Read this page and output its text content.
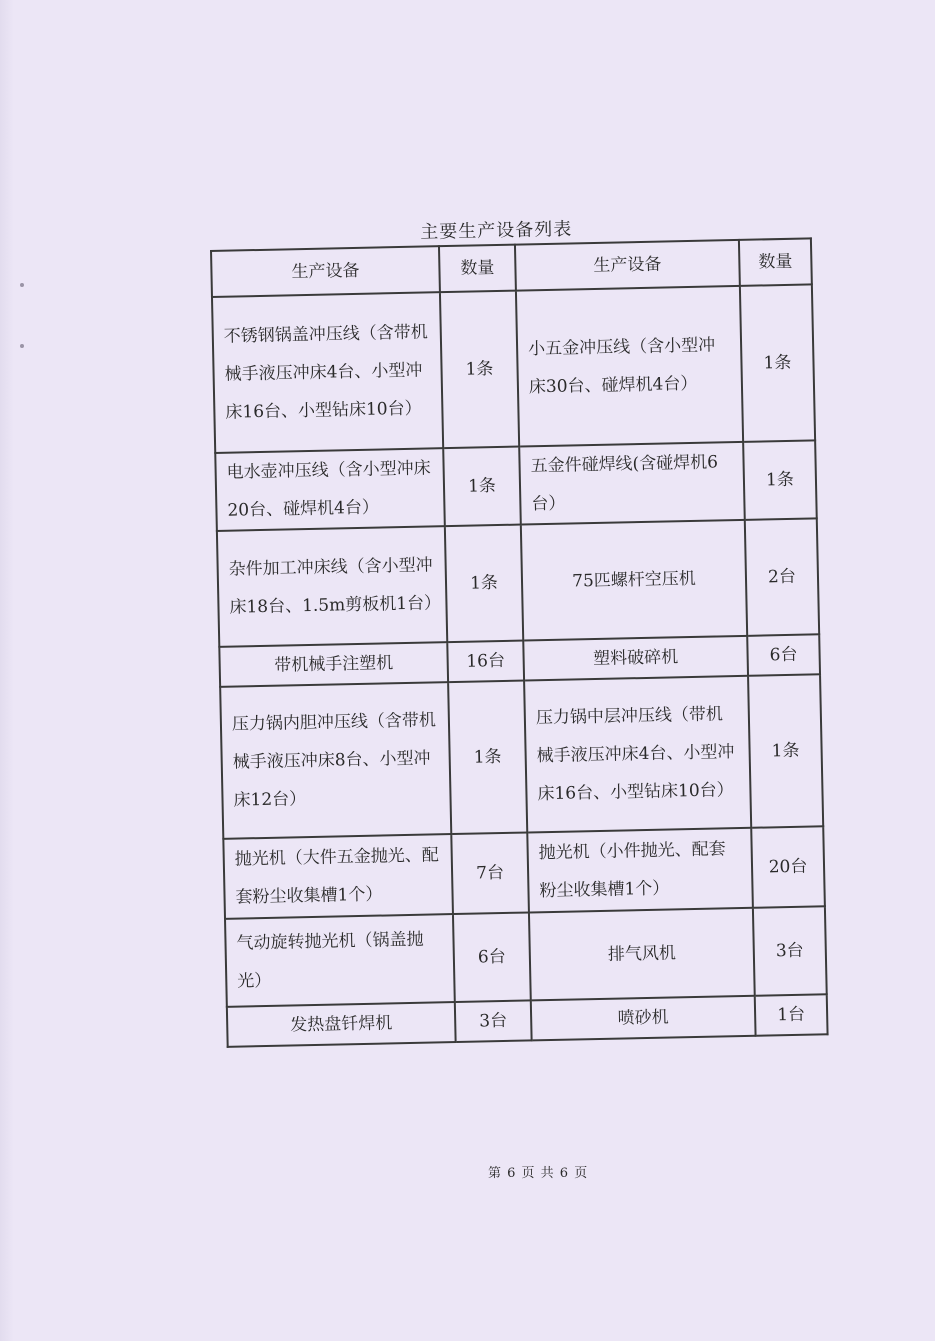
主要生产设备列表
生产设备	数量	生产设备	数量
不锈钢锅盖冲压线（含带机械手液压冲床4台、小型冲床16台、小型钻床10台）	1条	小五金冲压线（含小型冲床30台、碰焊机4台）	1条
电水壶冲压线（含小型冲床20台、碰焊机4台）	1条	五金件碰焊线(含碰焊机6台）	1条
杂件加工冲床线（含小型冲床18台、1.5m剪板机1台）	1条	75匹螺杆空压机	2台
带机械手注塑机	16台	塑料破碎机	6台
压力锅内胆冲压线（含带机械手液压冲床8台、小型冲床12台）	1条	压力锅中层冲压线（带机械手液压冲床4台、小型冲床16台、小型钻床10台）	1条
抛光机（大件五金抛光、配套粉尘收集槽1个）	7台	抛光机（小件抛光、配套粉尘收集槽1个）	20台
气动旋转抛光机（锅盖抛光）	6台	排气风机	3台
发热盘钎焊机	3台	喷砂机	1台
第 6 页 共 6 页
